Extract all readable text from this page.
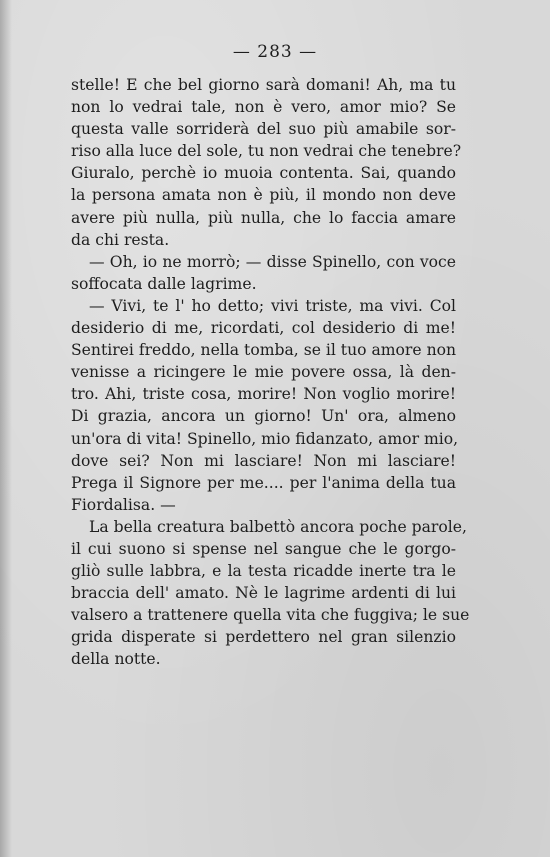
— 283 —
stelle! E che bel giorno sarà domani! Ah, ma tu
non lo vedrai tale, non è vero, amor mio? Se
questa valle sorriderà del suo più amabile sor-
riso alla luce del sole, tu non vedrai che tenebre?
Giuralo, perchè io muoia contenta. Sai, quando
la persona amata non è più, il mondo non deve
avere più nulla, più nulla, che lo faccia amare
da chi resta.
— Oh, io ne morrò; — disse Spinello, con voce
soffocata dalle lagrime.
— Vivi, te l' ho detto; vivi triste, ma vivi. Col
desiderio di me, ricordati, col desiderio di me!
Sentirei freddo, nella tomba, se il tuo amore non
venisse a ricingere le mie povere ossa, là den-
tro. Ahi, triste cosa, morire! Non voglio morire!
Di grazia, ancora un giorno! Un' ora, almeno
un'ora di vita! Spinello, mio fidanzato, amor mio,
dove sei? Non mi lasciare! Non mi lasciare!
Prega il Signore per me.... per l'anima della tua
Fiordalisa. —
La bella creatura balbettò ancora poche parole,
il cui suono si spense nel sangue che le gorgo-
gliò sulle labbra, e la testa ricadde inerte tra le
braccia dell' amato. Nè le lagrime ardenti di lui
valsero a trattenere quella vita che fuggiva; le sue
grida disperate si perdettero nel gran silenzio
della notte.
